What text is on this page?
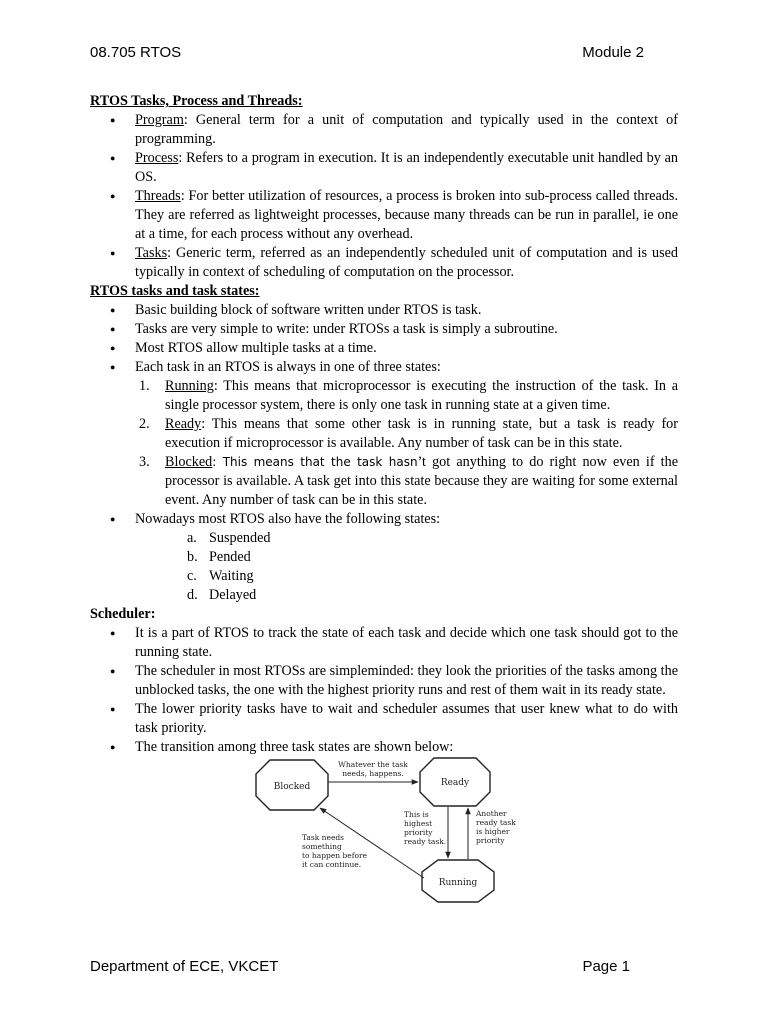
08.705 RTOS	Module 2

RTOS Tasks, Process and Threads:

● Program: General term for a unit of computation and typically used in the context of programming.
● Process: Refers to a program in execution. It is an independently executable unit handled by an OS.
● Threads: For better utilization of resources, a process is broken into sub-process called threads. They are referred as lightweight processes, because many threads can be run in parallel, ie one at a time, for each process without any overhead.
● Tasks: Generic term, referred as an independently scheduled unit of computation and is used typically in context of scheduling of computation on the processor.

RTOS tasks and task states:

● Basic building block of software written under RTOS is task.
● Tasks are very simple to write: under RTOSs a task is simply a subroutine.
● Most RTOS allow multiple tasks at a time.
● Each task in an RTOS is always in one of three states:
1. Running: This means that microprocessor is executing the instruction of the task. In a single processor system, there is only one task in running state at a given time.
2. Ready: This means that some other task is in running state, but a task is ready for execution if microprocessor is available. Any number of task can be in this state.
3. Blocked: This means that the task hasn’t got anything to do right now even if the processor is available. A task get into this state because they are waiting for some external event. Any number of task can be in this state.
● Nowadays most RTOS also have the following states:
a. Suspended
b. Pended
c. Waiting
d. Delayed

Scheduler:

● It is a part of RTOS to track the state of each task and decide which one task should got to the running state.
● The scheduler in most RTOSs are simpleminded: they look the priorities of the tasks among the unblocked tasks, the one with the highest priority runs and rest of them wait in its ready state.
● The lower priority tasks have to wait and scheduler assumes that user knew what to do with task priority.
● The transition among three task states are shown below:
Blocked	Ready
Running
Whatever the task
needs, happens.
This is
highest
priority
ready task.
Another
ready task
is higher
priority
Task needs
something
to happen before
it can continue.
Department of ECE, VKCET	Page 1
